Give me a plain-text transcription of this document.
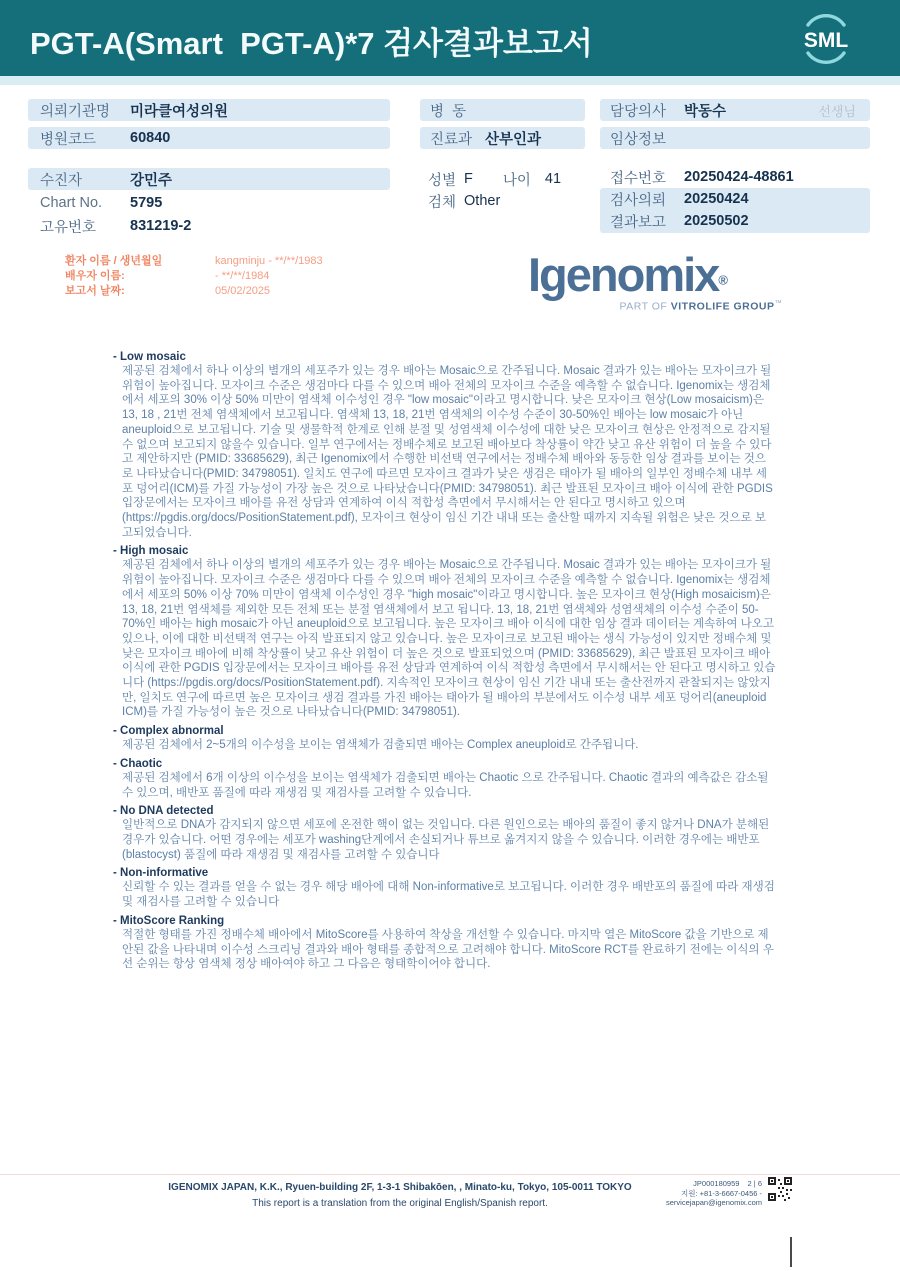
PGT-A(Smart  PGT-A)*7 검사결과보고서	SML
의뢰기관명	미라클여성의원
병원코드	60840
수진자	강민주
Chart No.	5795
고유번호	831219-2
병  동
진료과 산부인과
성별 F 나이 41
검체 Other
담당의사	박동수	선생님
임상정보
접수번호	20250424-48861
검사의뢰	20250424
결과보고	20250502
환자 이름 / 생년월일	kangminju - **/**/1983
배우자 이름:	- **/**/1984
보고서 날짜:	05/02/2025	Igenomix®
PART OF VITROLIFE GROUP™
- Low mosaic
제공된 검체에서 하나 이상의 별개의 세포주가 있는 경우 배아는 Mosaic으로 간주됩니다. Mosaic 결과가 있는 배아는 모자이크가 될 위험이 높아집니다. 모자이크 수준은 생검마다 다를 수 있으며 배아 전체의 모자이크 수준을 예측할 수 없습니다. Igenomix는 생검체에서 세포의 30% 이상 50% 미만이 염색체 이수성인 경우 "low mosaic"이라고 명시합니다. 낮은 모자이크 현상(Low mosaicism)은 13, 18 , 21번 전체 염색체에서 보고됩니다. 염색체 13, 18, 21번 염색체의 이수성 수준이 30-50%인 배아는 low mosaic가 아닌 aneuploid으로 보고됩니다. 기술 및 생물학적 한계로 인해 분절 및 성염색체 이수성에 대한 낮은 모자이크 현상은 안정적으로 감지될 수 없으며 보고되지 않을수 있습니다. 일부 연구에서는 정배수체로 보고된 배아보다 착상률이 약간 낮고 유산 위험이 더 높을 수 있다고 제안하지만 (PMID: 33685629), 최근 Igenomix에서 수행한 비선택 연구에서는 정배수체 배아와 동등한 임상 결과를 보이는 것으로 나타났습니다(PMID: 34798051). 일치도 연구에 따르면 모자이크 결과가 낮은 생검은 태아가 될 배아의 일부인 정배수체 내부 세포 덩어리(ICM)를 가질 가능성이 가장 높은 것으로 나타났습니다(PMID: 34798051). 최근 발표된 모자이크 배아 이식에 관한 PGDIS 입장문에서는 모자이크 배아를 유전 상담과 연계하여 이식 적합성 측면에서 무시해서는 안 된다고 명시하고 있으며 (https://pgdis.org/docs/PositionStatement.pdf), 모자이크 현상이 임신 기간 내내 또는 출산할 때까지 지속될 위험은 낮은 것으로 보고되었습니다.
- High mosaic
제공된 검체에서 하나 이상의 별개의 세포주가 있는 경우 배아는 Mosaic으로 간주됩니다. Mosaic 결과가 있는 배아는 모자이크가 될 위험이 높아집니다. 모자이크 수준은 생검마다 다를 수 있으며 배아 전체의 모자이크 수준을 예측할 수 없습니다. Igenomix는 생검체에서 세포의 50% 이상 70% 미만이 염색체 이수성인 경우 "high mosaic"이라고 명시합니다. 높은 모자이크 현상(High mosaicism)은 13, 18, 21번 염색체를 제외한 모든 전체 또는 분절 염색체에서 보고 됩니다. 13, 18, 21번 염색체와 성염색체의 이수성 수준이 50-70%인 배아는 high mosaic가 아닌 aneuploid으로 보고됩니다. 높은 모자이크 배아 이식에 대한 임상 결과 데이터는 계속하여 나오고 있으나, 이에 대한 비선택적 연구는 아직 발표되지 않고 있습니다. 높은 모자이크로 보고된 배아는 생식 가능성이 있지만 정배수체 및 낮은 모자이크 배아에 비해 착상률이 낮고 유산 위험이 더 높은 것으로 발표되었으며 (PMID: 33685629), 최근 발표된 모자이크 배아 이식에 관한 PGDIS 입장문에서는 모자이크 배아를 유전 상담과 연계하여 이식 적합성 측면에서 무시해서는 안 된다고 명시하고 있습니다 (https://pgdis.org/docs/PositionStatement.pdf). 지속적인 모자이크 현상이 임신 기간 내내 또는 출산전까지 관찰되지는 않았지만, 일치도 연구에 따르면 높은 모자이크 생검 결과를 가진 배아는 태아가 될 배아의 부분에서도 이수성 내부 세포 덩어리(aneuploid ICM)를 가질 가능성이 높은 것으로 나타났습니다(PMID: 34798051).
- Complex abnormal
제공된 검체에서 2~5개의 이수성을 보이는 염색체가 검출되면 배아는 Complex aneuploid로 간주됩니다.
- Chaotic
제공된 검체에서 6개 이상의 이수성을 보이는 염색체가 검출되면 배아는 Chaotic 으로 간주됩니다. Chaotic 결과의 예측값은 감소될 수 있으며, 배반포 품질에 따라 재생검 및 재검사를 고려할 수 있습니다.
- No DNA detected
일반적으로 DNA가 감지되지 않으면 세포에 온전한 핵이 없는 것입니다. 다른 원인으로는 배아의 품질이 좋지 않거나 DNA가 분해된 경우가 있습니다. 어떤 경우에는 세포가 washing단계에서 손실되거나 튜브로 옮겨지지 않을 수 있습니다. 이러한 경우에는 배반포 (blastocyst) 품질에 따라 재생검 및 재검사를 고려할 수 있습니다
- Non-informative
신뢰할 수 있는 결과를 얻을 수 없는 경우 해당 배아에 대해 Non-informative로 보고됩니다. 이러한 경우 배반포의 품질에 따라 재생검 및 재검사를 고려할 수 있습니다
- MitoScore Ranking
적절한 형태를 가진 정배수체 배아에서 MitoScore를 사용하여 착상을 개선할 수 있습니다. 마지막 열은 MitoScore 값을 기반으로 제안된 값을 나타내며 이수성 스크리닝 결과와 배아 형태를 종합적으로 고려해야 합니다. MitoScore RCT를 완료하기 전에는 이식의 우선 순위는 항상 염색체 정상 배아여야 하고 그 다음은 형태학이어야 합니다.
IGENOMIX JAPAN, K.K., Ryuen-building 2F, 1-3-1 Shibakōen, , Minato-ku, Tokyo, 105-0011 TOKYO
This report is a translation from the original English/Spanish report.
JP000180959 2 | 6
지원: +81-3-6667-0456 -
servicejapan@igenomix.com
